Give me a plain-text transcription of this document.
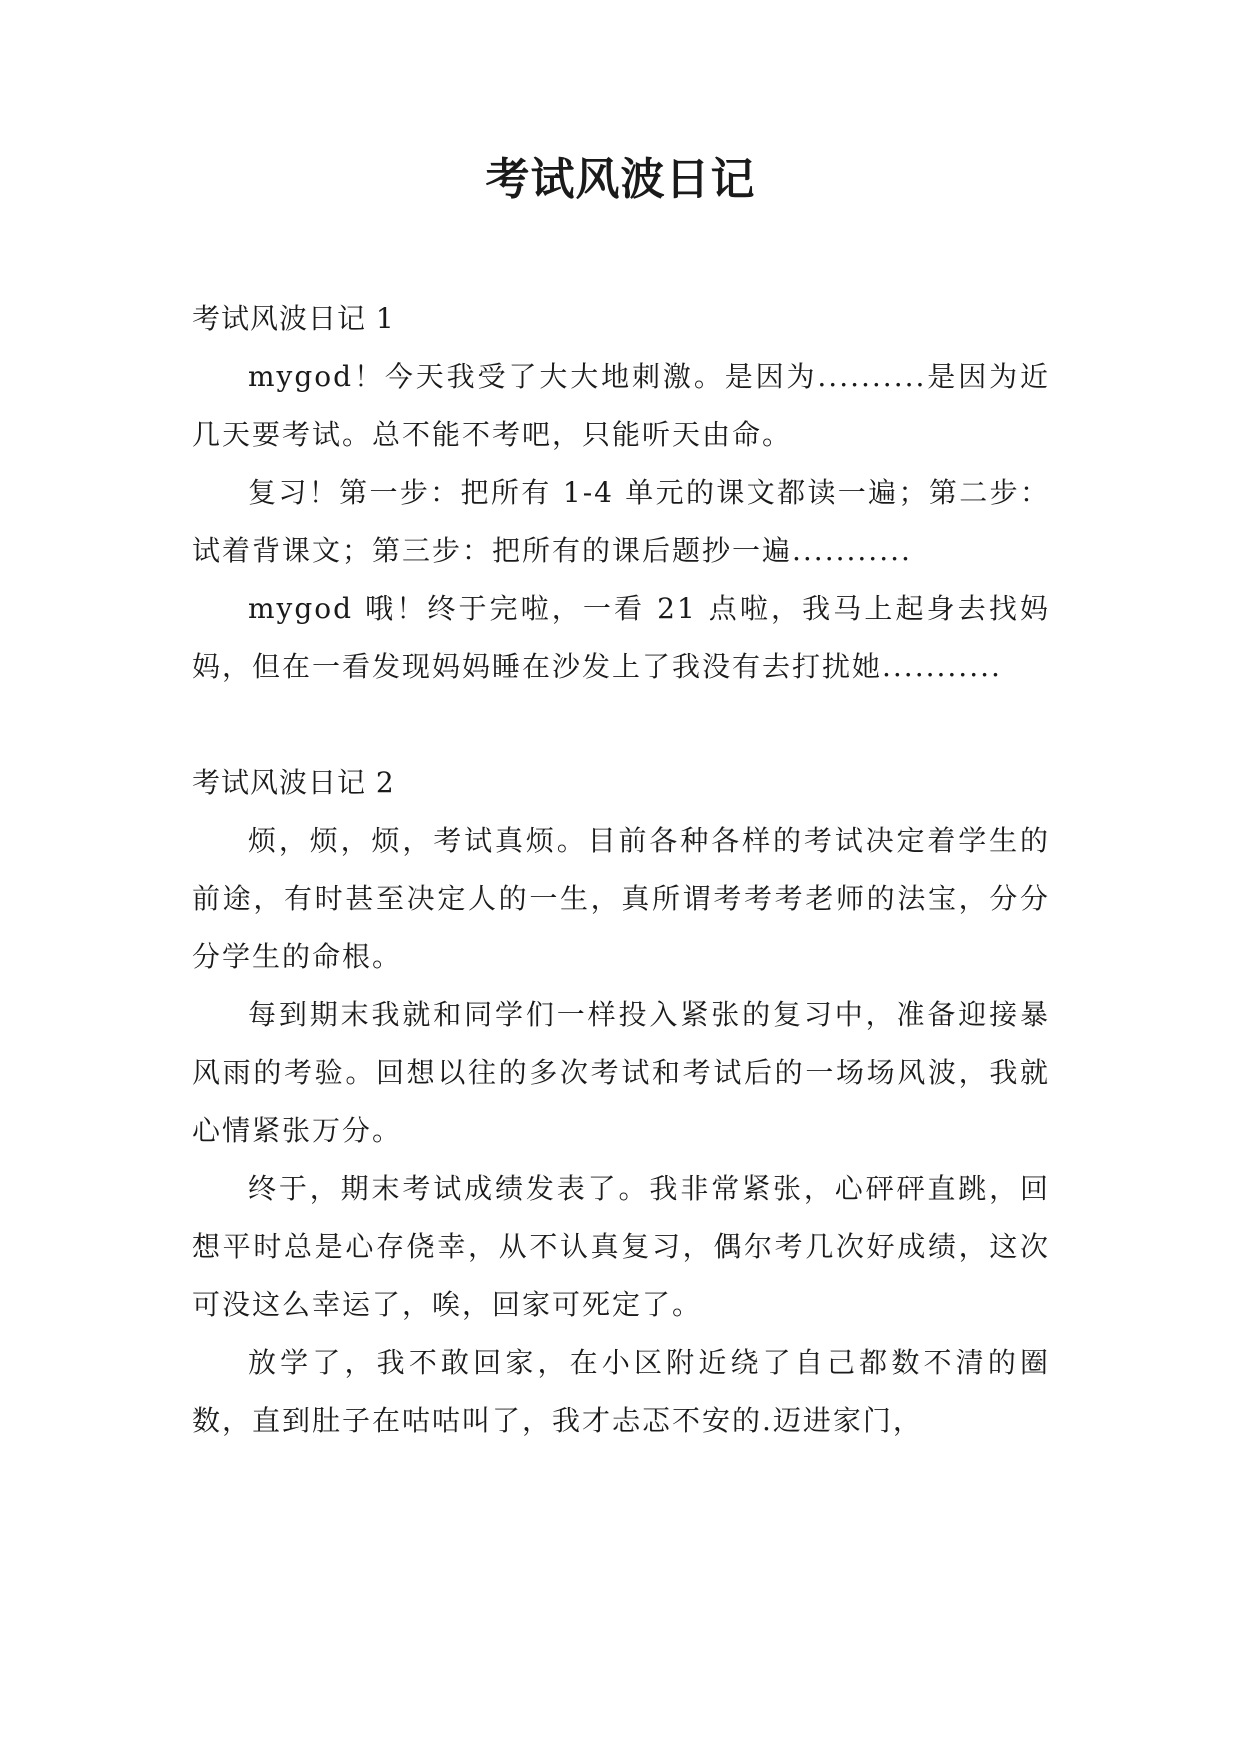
考试风波日记

考试风波日记 1

mygod！今天我受了大大地刺激。是因为..........是因为近几天要考试。总不能不考吧，只能听天由命。

复习！第一步：把所有 1-4 单元的课文都读一遍；第二步：试着背课文；第三步：把所有的课后题抄一遍...........

mygod 哦！终于完啦，一看 21 点啦，我马上起身去找妈妈，但在一看发现妈妈睡在沙发上了我没有去打扰她...........

考试风波日记 2

烦，烦，烦，考试真烦。目前各种各样的考试决定着学生的前途，有时甚至决定人的一生，真所谓考考考老师的法宝，分分分学生的命根。

每到期末我就和同学们一样投入紧张的复习中，准备迎接暴风雨的考验。回想以往的多次考试和考试后的一场场风波，我就心情紧张万分。

终于，期末考试成绩发表了。我非常紧张，心砰砰直跳，回想平时总是心存侥幸，从不认真复习，偶尔考几次好成绩，这次可没这么幸运了，唉，回家可死定了。

放学了，我不敢回家，在小区附近绕了自己都数不清的圈数，直到肚子在咕咕叫了，我才忐忑不安的.迈进家门，
